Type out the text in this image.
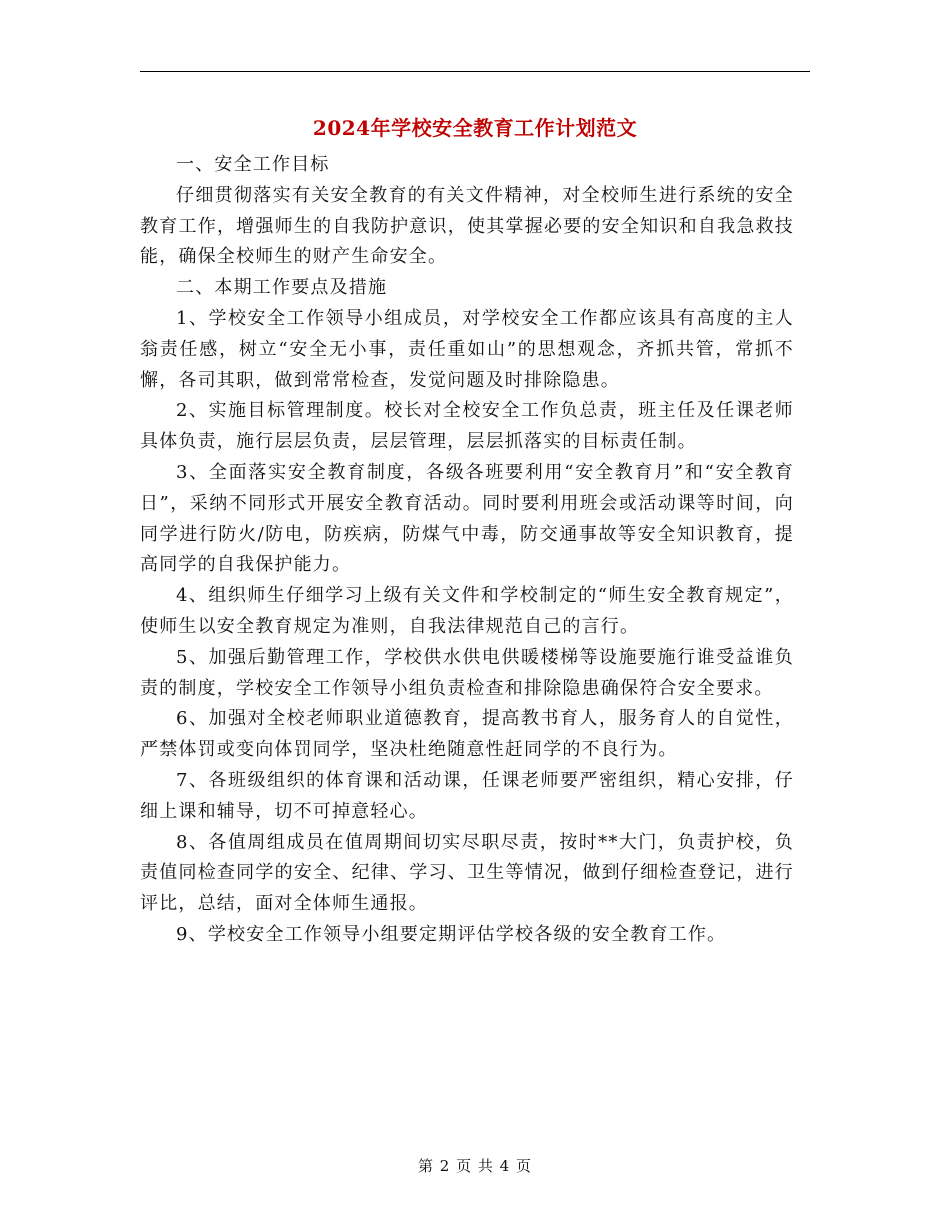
2024年学校安全教育工作计划范文

一、安全工作目标

仔细贯彻落实有关安全教育的有关文件精神，对全校师生进行系统的安全教育工作，增强师生的自我防护意识，使其掌握必要的安全知识和自我急救技能，确保全校师生的财产生命安全。

二、本期工作要点及措施

1、学校安全工作领导小组成员，对学校安全工作都应该具有高度的主人翁责任感，树立“安全无小事，责任重如山”的思想观念，齐抓共管，常抓不懈，各司其职，做到常常检查，发觉问题及时排除隐患。

2、实施目标管理制度。校长对全校安全工作负总责，班主任及任课老师具体负责，施行层层负责，层层管理，层层抓落实的目标责任制。

3、全面落实安全教育制度，各级各班要利用“安全教育月”和“安全教育日”，采纳不同形式开展安全教育活动。同时要利用班会或活动课等时间，向同学进行防火/防电，防疾病，防煤气中毒，防交通事故等安全知识教育，提高同学的自我保护能力。

4、组织师生仔细学习上级有关文件和学校制定的“师生安全教育规定”，使师生以安全教育规定为准则，自我法律规范自己的言行。

5、加强后勤管理工作，学校供水供电供暖楼梯等设施要施行谁受益谁负责的制度，学校安全工作领导小组负责检查和排除隐患确保符合安全要求。

6、加强对全校老师职业道德教育，提高教书育人，服务育人的自觉性，严禁体罚或变向体罚同学，坚决杜绝随意性赶同学的不良行为。

7、各班级组织的体育课和活动课，任课老师要严密组织，精心安排，仔细上课和辅导，切不可掉意轻心。

8、各值周组成员在值周期间切实尽职尽责，按时**大门，负责护校，负责值同检查同学的安全、纪律、学习、卫生等情况，做到仔细检查登记，进行评比，总结，面对全体师生通报。

9、学校安全工作领导小组要定期评估学校各级的安全教育工作。

第 2 页 共 4 页
